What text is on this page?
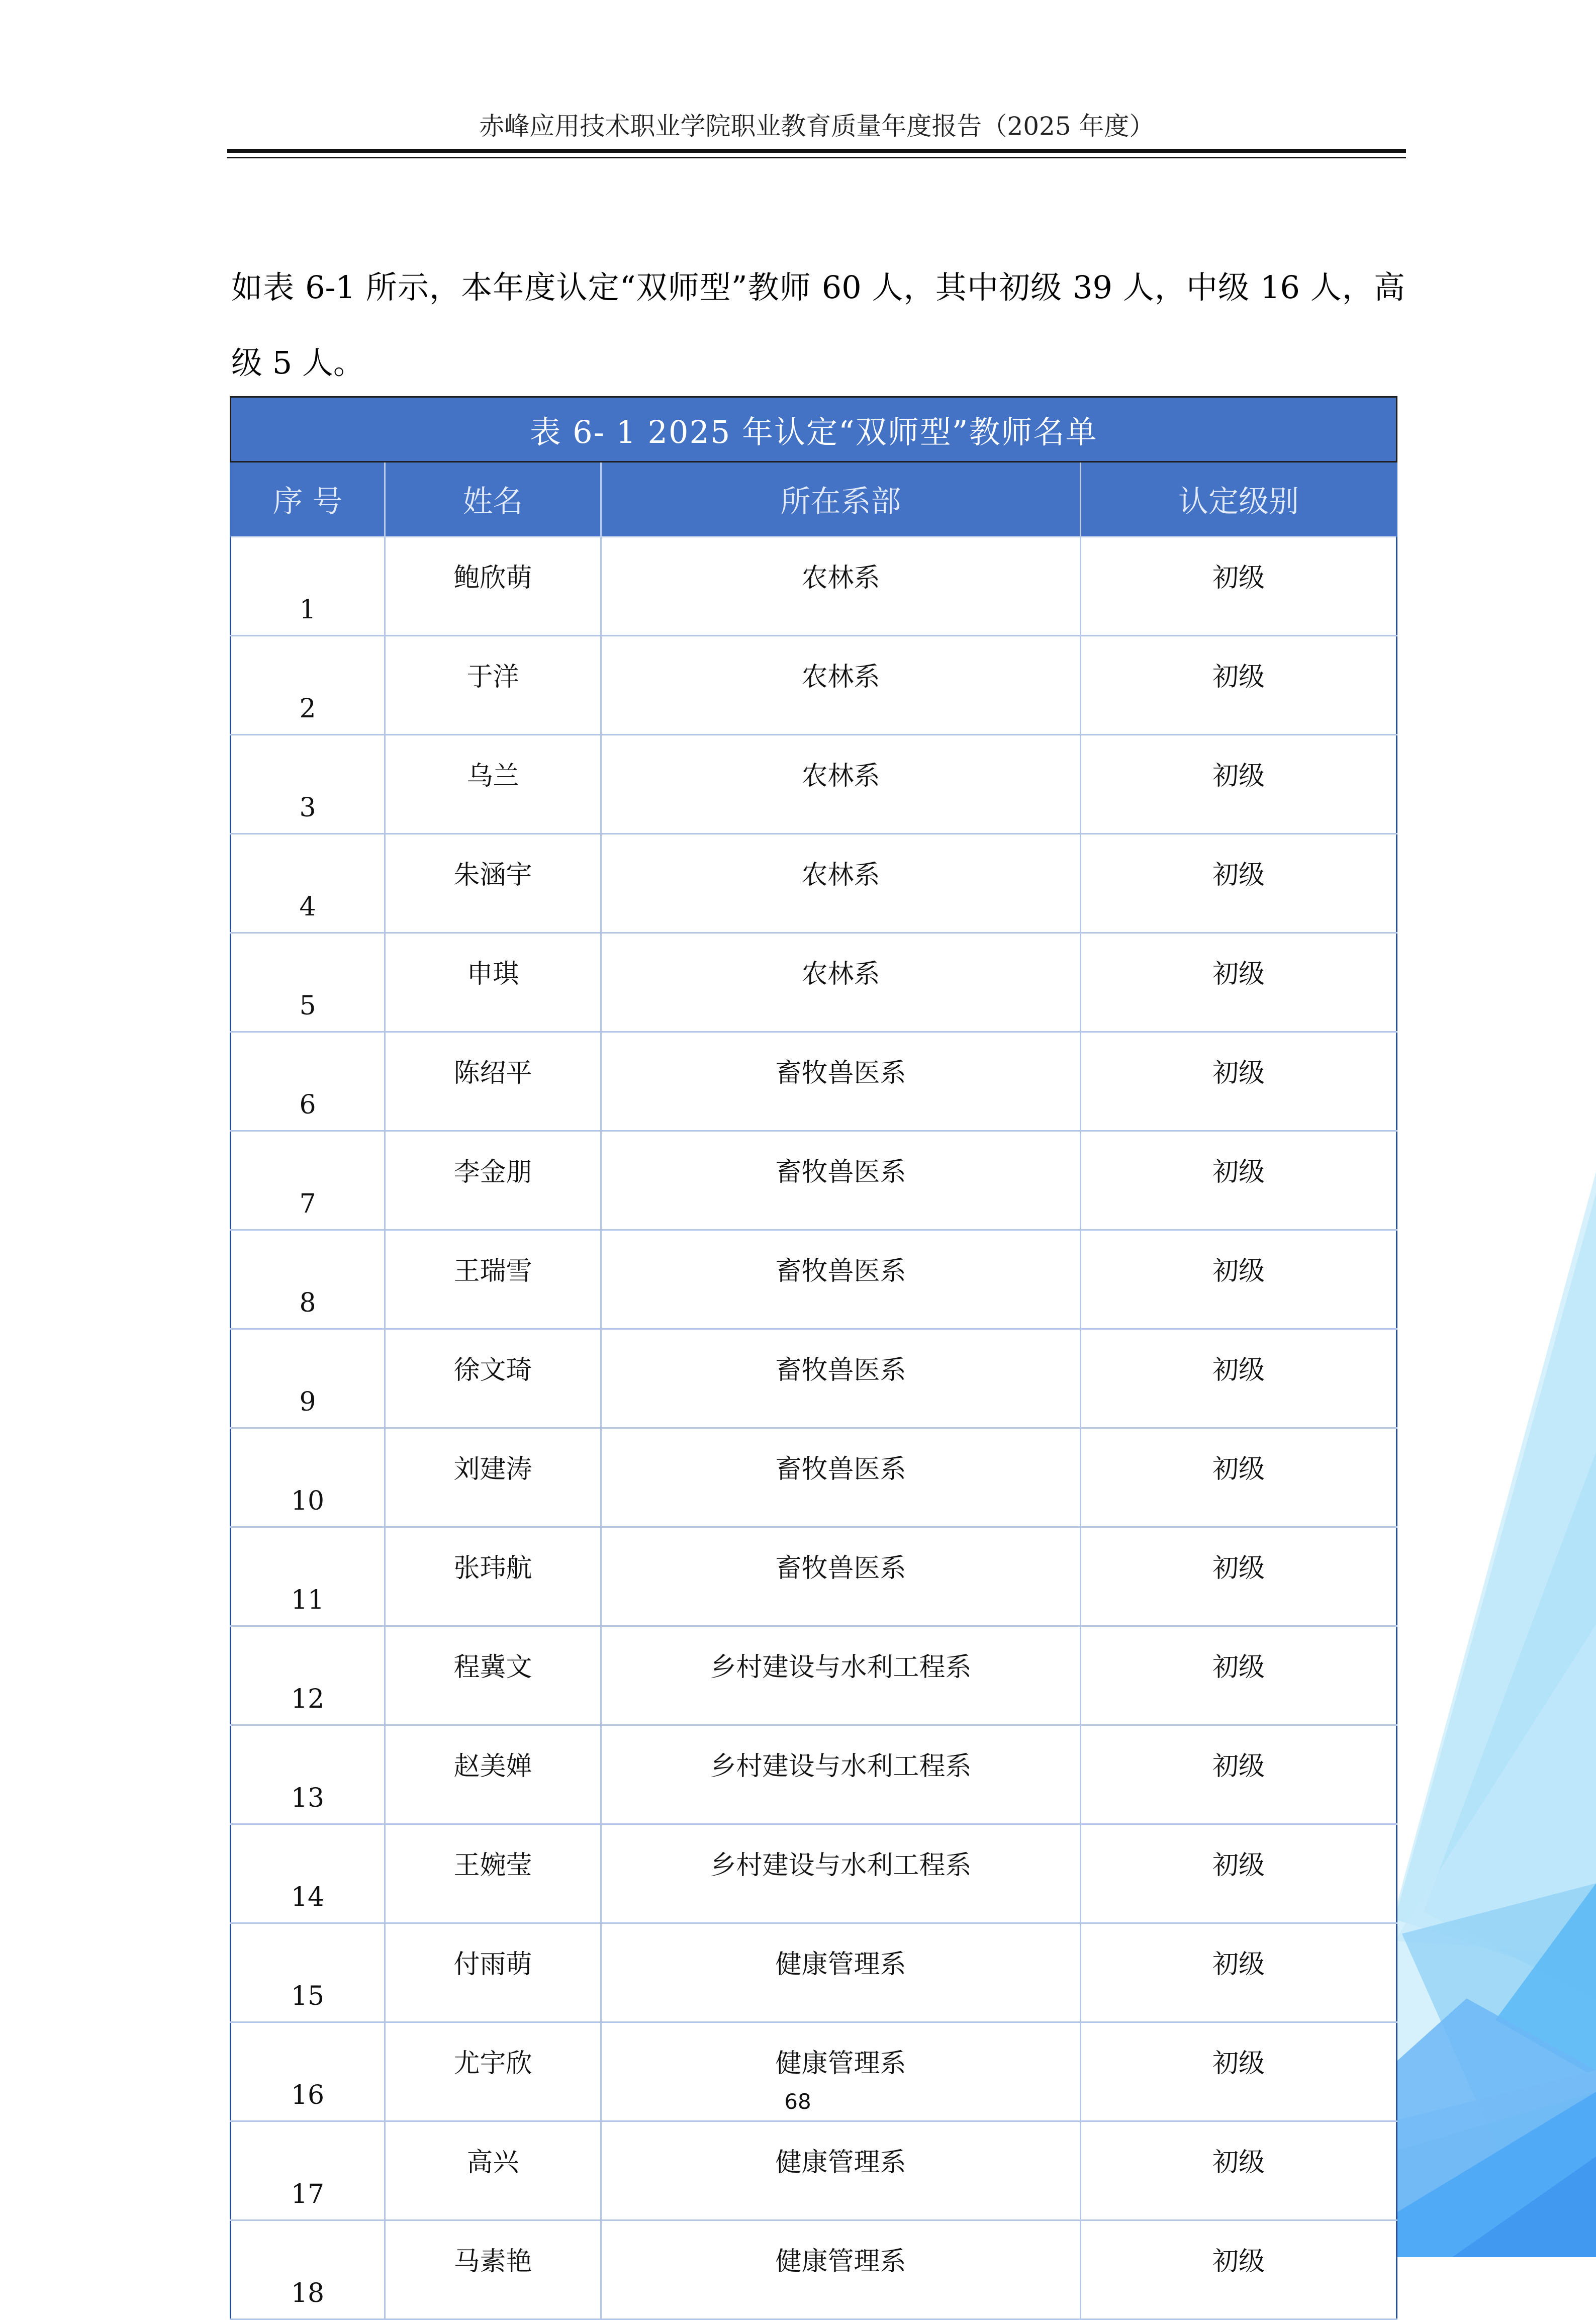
赤峰应用技术职业学院职业教育质量年度报告（2025 年度）

如表 6-1 所示，本年度认定“双师型”教师 60 人，其中初级 39 人，中级 16 人，高级 5 人。

表 6- 1 2025 年认定“双师型”教师名单			
序 号	姓名	所在系部	认定级别
1	鲍欣萌	农林系	初级
2	于洋	农林系	初级
3	乌兰	农林系	初级
4	朱涵宇	农林系	初级
5	申琪	农林系	初级
6	陈绍平	畜牧兽医系	初级
7	李金朋	畜牧兽医系	初级
8	王瑞雪	畜牧兽医系	初级
9	徐文琦	畜牧兽医系	初级
10	刘建涛	畜牧兽医系	初级
11	张玮航	畜牧兽医系	初级
12	程冀文	乡村建设与水利工程系	初级
13	赵美婵	乡村建设与水利工程系	初级
14	王婉莹	乡村建设与水利工程系	初级
15	付雨萌	健康管理系	初级
16	尤宇欣	健康管理系	初级
17	高兴	健康管理系	初级
18	马素艳	健康管理系	初级
68
